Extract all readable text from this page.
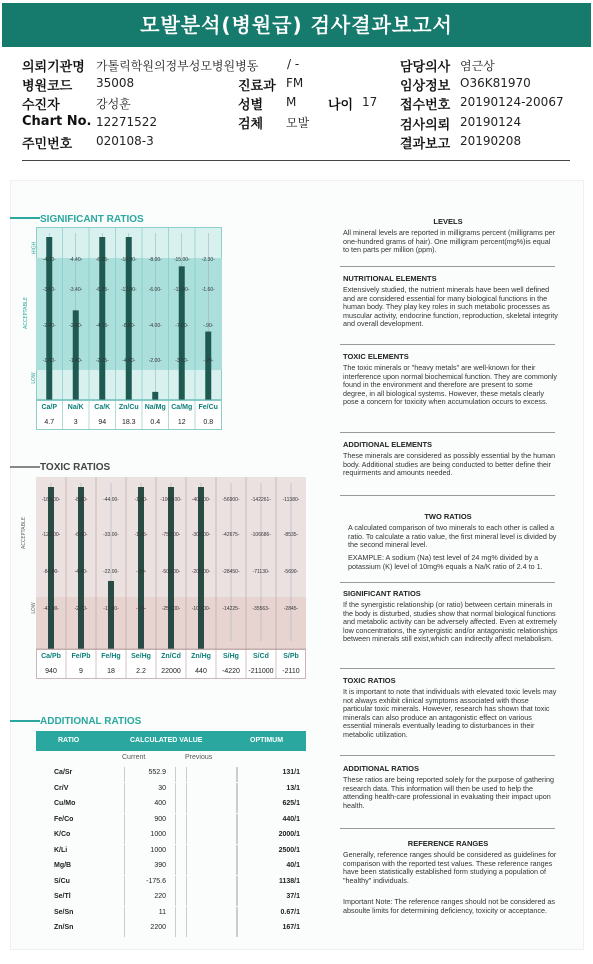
모발분석(병원급) 검사결과보고서
의뢰기관명 가톨릭학원의정부성모병원병동 / -	담당의사 염근상
병원코드 35008	진료과 FM	임상정보 O36K81970
수진자	강성훈	성별 M 나이 17 접수번호 20190124-20067
Chart No. 12271522	검체 모발	검사의뢰 20190124
주민번호 020108-3	결과보고 20190208
SIGNIFICANT RATIOS
HIGH
ACCEPTABLE
LOW
-4.00-
-3.00-
-2.00-
-1.00-
Ca/P
4.7
-4.40-
-3.40-
-2.40-
-1.40-
Na/K
3
-6.25-
-6.25-
-4.25-
-2.25-
Ca/K
94
-16.00-
-12.00-
-8.00-
-4.00-
Zn/Cu
18.3
-8.00-
-6.00-
-4.00-
-2.00-
Na/Mg
0.4
-15.00-
-11.00-
-7.00-
-3.00-
Ca/Mg
12
-2.30-
-1.60-
-.90-
-.20-
Fe/Cu
0.8
TOXIC RATIOS
ACCEPTABLE
LOW
-168.00-
-126.00-
-84.00-
-42.00-
Ca/Pb
940
-8.80-
-6.60-
-4.40-
-2.20-
Fe/Pb
9
-44.00-
-33.00-
-22.00-
-11.00-
Fe/Hg
18
-1.80-
-1.35-
-.90-
-.45-
Se/Hg
2.2
-1000.00-
-750.00-
-500.00-
-250.00-
Zn/Cd
22000
-400.00-
-300.00-
-200.00-
-100.00-
Zn/Hg
440
-56900-
-42675-
-28450-
-14225-
S/Hg
-4220
-142261-
-106686-
-71130-
-35563-
S/Cd
-211000
-11380-
-8535-
-5690-
-2845-
S/Pb
-2110
ADDITIONAL RATIOS
RATIO	CALCULATED VALUE	OPTIMUM
Current	Previous
Ca/Sr	552.9	131/1
Cr/V	30	13/1
Cu/Mo	400	625/1
Fe/Co	900	440/1
K/Co	1000	2000/1
K/Li	1000	2500/1
Mg/B	390	40/1
S/Cu	-175.6	1138/1
Se/Tl	220	37/1
Se/Sn	11	0.67/1
Zn/Sn	2200	167/1
LEVELS
All mineral levels are reported in milligrams percent (milligrams per one-hundred grams of hair). One milligram percent(mg%)is equal to ten parts per million (ppm).
NUTRITIONAL ELEMENTS
Extensively studied, the nutrient minerals have been well defined and are considered essential for many biological functions in the human body. They play key roles in such metabolic processes as muscular activity, endocrine function, reproduction, skeletal integrity and overall development.
TOXIC ELEMENTS
The toxic minerals or "heavy metals" are well-known for their interference upon normal biochemical function. They are commonly found in the environment and therefore are present to some degree, in all biological systems. However, these metals clearly pose a concern for toxicity when accumulation occurs to excess.
ADDITIONAL ELEMENTS
These minerals are considered as possibly essential by the human body. Additional studies are being conducted to better define their requirments and amounts needed.
TWO RATIOS
A calculated comparison of two minerals to each other is called a ratio. To calculate a ratio value, the first mineral level is divided by the second mineral level.
EXAMPLE: A sodium (Na) test level of 24 mg% divided by a potassium (K) level of 10mg% equals a Na/K ratio of 2.4 to 1.
SIGNIFICANT RATIOS
If the synergistic relationship (or ratio) between certain minerals in the body is disturbed, studies show that normal biological functions and metabolic activity can be adversely affected. Even at extremely low concentrations, the synergistic and/or antagonistic relationships between minerals still exist,which can indirectly affect metabolism.
TOXIC RATIOS
It is important to note that individuals with elevated toxic levels may not always exhibit clinical symptoms associated with those particular toxic minerals. However, research has shown that toxic minerals can also produce an antagonistic effect on various essential minerals eventually leading to disturbances in their metabolic utilization.
ADDITIONAL RATIOS
These ratios are being reported solely for the purpose of gathering research data. This information will then be used to help the attending health-care professional in evaluating their impact upon health.
REFERENCE RANGES
Generally, reference ranges should be considered as guidelines for comparison with the reported test values. These reference ranges have been statistically established form studying a population of "healthy" individuals.
Important Note: The reference ranges should not be considered as absoulte limits for determining deficiency, toxicity or acceptance.
